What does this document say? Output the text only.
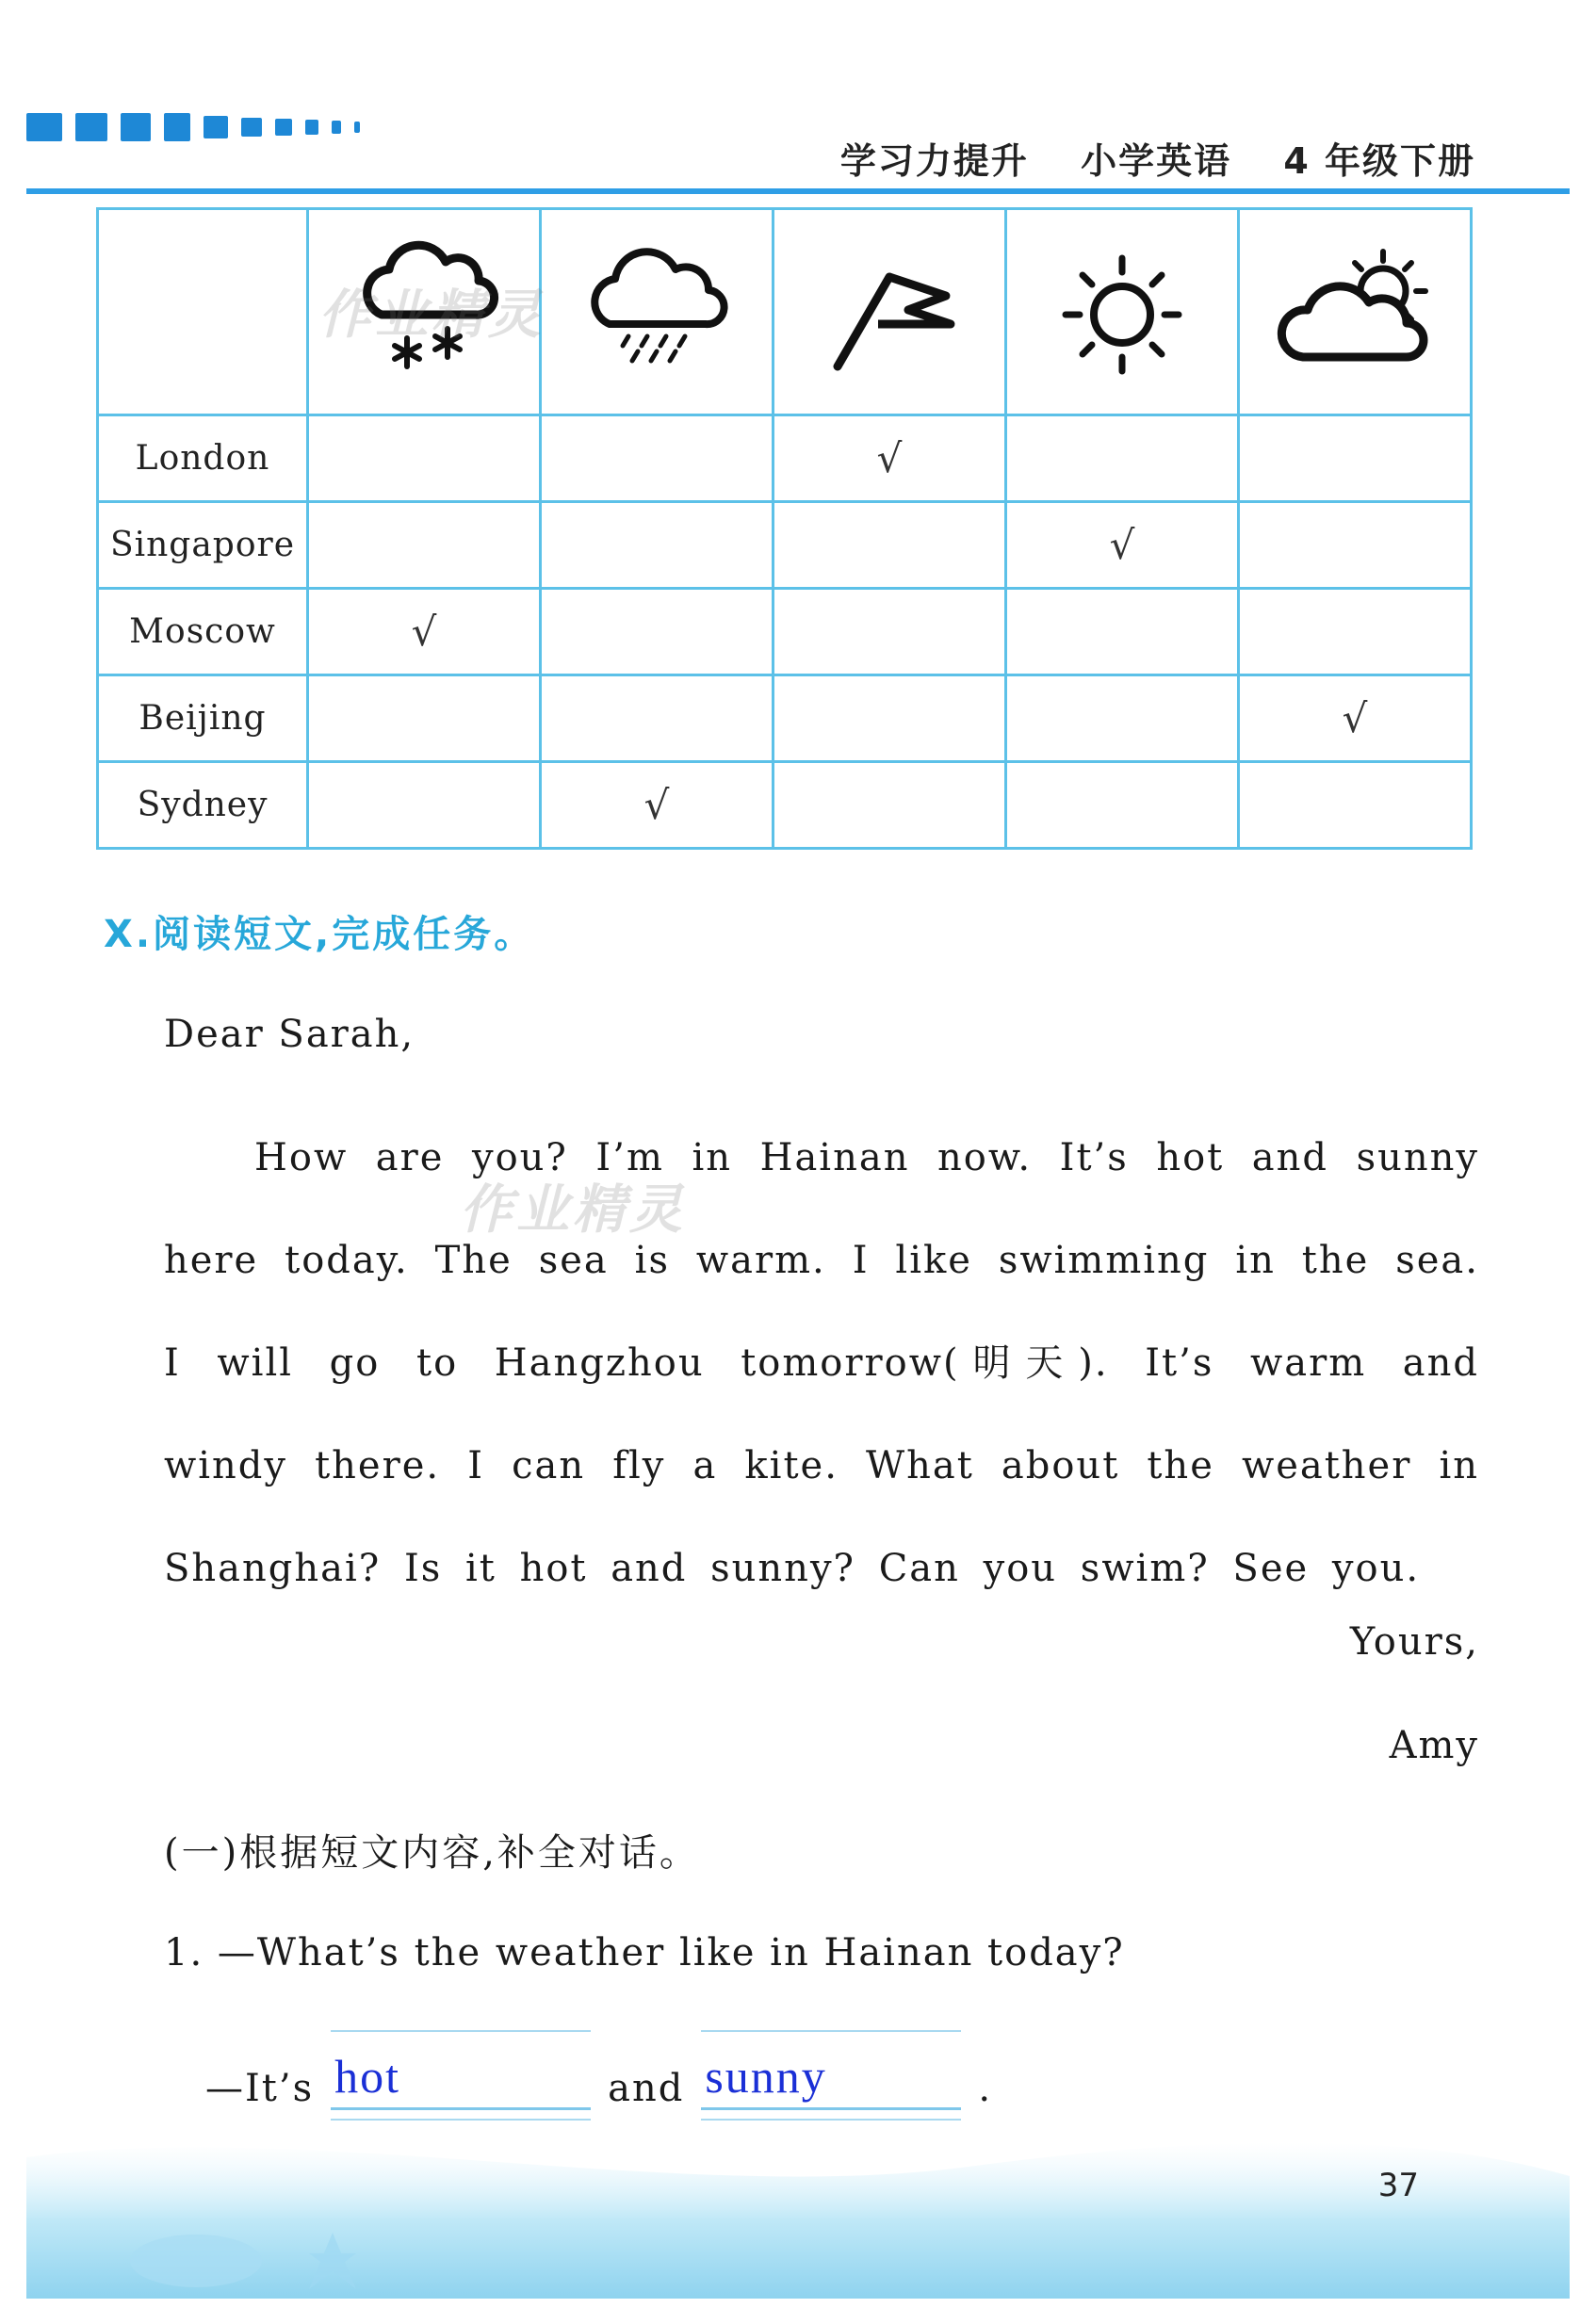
学习力提升 小学英语 4 年级下册

London			√		
Singapore				√	
Moscow	√				
Beijing					√
Sydney		√			
作业精灵
Ⅹ.阅读短文,完成任务。
Dear Sarah,
How are you? I’m in Hainan now. It’s hot and sunny here today. The sea is warm. I like swimming in the sea. I will go to Hangzhou tomorrow(明天). It’s warm and windy there. I can fly a kite. What about the weather in Shanghai? Is it hot and sunny? Can you swim? See you.
作业精灵
Yours,
Amy
(一)根据短文内容,补全对话。
1. —What’s the weather like in Hainan today?
—It’s hot	and sunny	.
37
